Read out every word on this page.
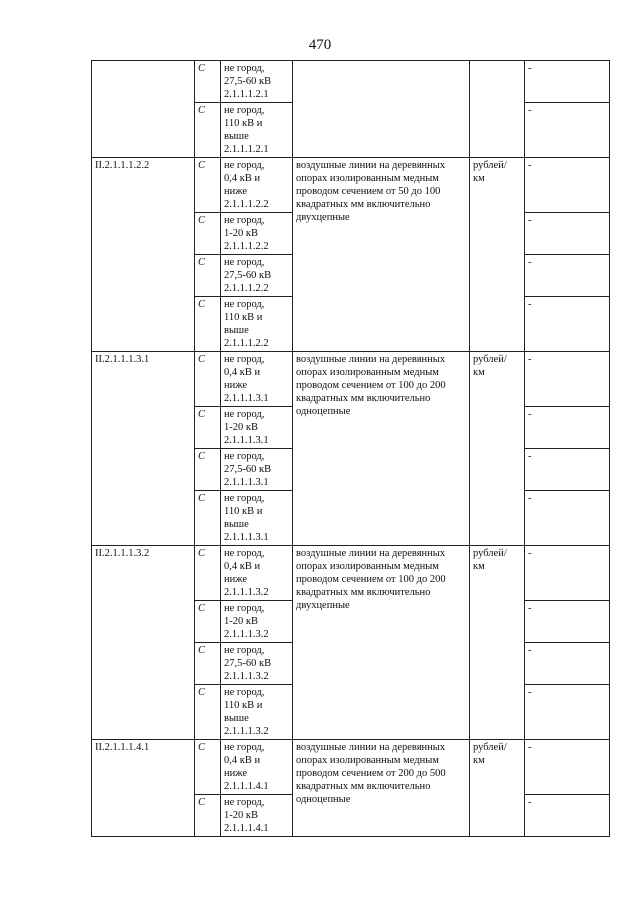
470
	C	не город,
27,5-60 кВ
2.1.1.1.2.1			-
	C	не город,
110 кВ и
выше
2.1.1.1.2.1			-
II.2.1.1.1.2.2	C	не город,
0,4 кВ и
ниже
2.1.1.1.2.2	воздушные линии на деревянных опорах изолированным медным проводом сечением от 50 до 100 квадратных мм включительно двухцепные	рублей/ км	-
	C	не город,
1-20 кВ
2.1.1.1.2.2			-
	C	не город,
27,5-60 кВ
2.1.1.1.2.2			-
	C	не город,
110 кВ и
выше
2.1.1.1.2.2			-
II.2.1.1.1.3.1	C	не город,
0,4 кВ и
ниже
2.1.1.1.3.1	воздушные линии на деревянных опорах изолированным медным проводом сечением от 100 до 200 квадратных мм включительно одноцепные	рублей/ км	-
	C	не город,
1-20 кВ
2.1.1.1.3.1			-
	C	не город,
27,5-60 кВ
2.1.1.1.3.1			-
	C	не город,
110 кВ и
выше
2.1.1.1.3.1			-
II.2.1.1.1.3.2	C	не город,
0,4 кВ и
ниже
2.1.1.1.3.2	воздушные линии на деревянных опорах изолированным медным проводом сечением от 100 до 200 квадратных мм включительно двухцепные	рублей/ км	-
	C	не город,
1-20 кВ
2.1.1.1.3.2			-
	C	не город,
27,5-60 кВ
2.1.1.1.3.2			-
	C	не город,
110 кВ и
выше
2.1.1.1.3.2			-
II.2.1.1.1.4.1	C	не город,
0,4 кВ и
ниже
2.1.1.1.4.1	воздушные линии на деревянных опорах изолированным медным проводом сечением от 200 до 500 квадратных мм включительно одноцепные	рублей/ км	-
	C	не город,
1-20 кВ
2.1.1.1.4.1			-
